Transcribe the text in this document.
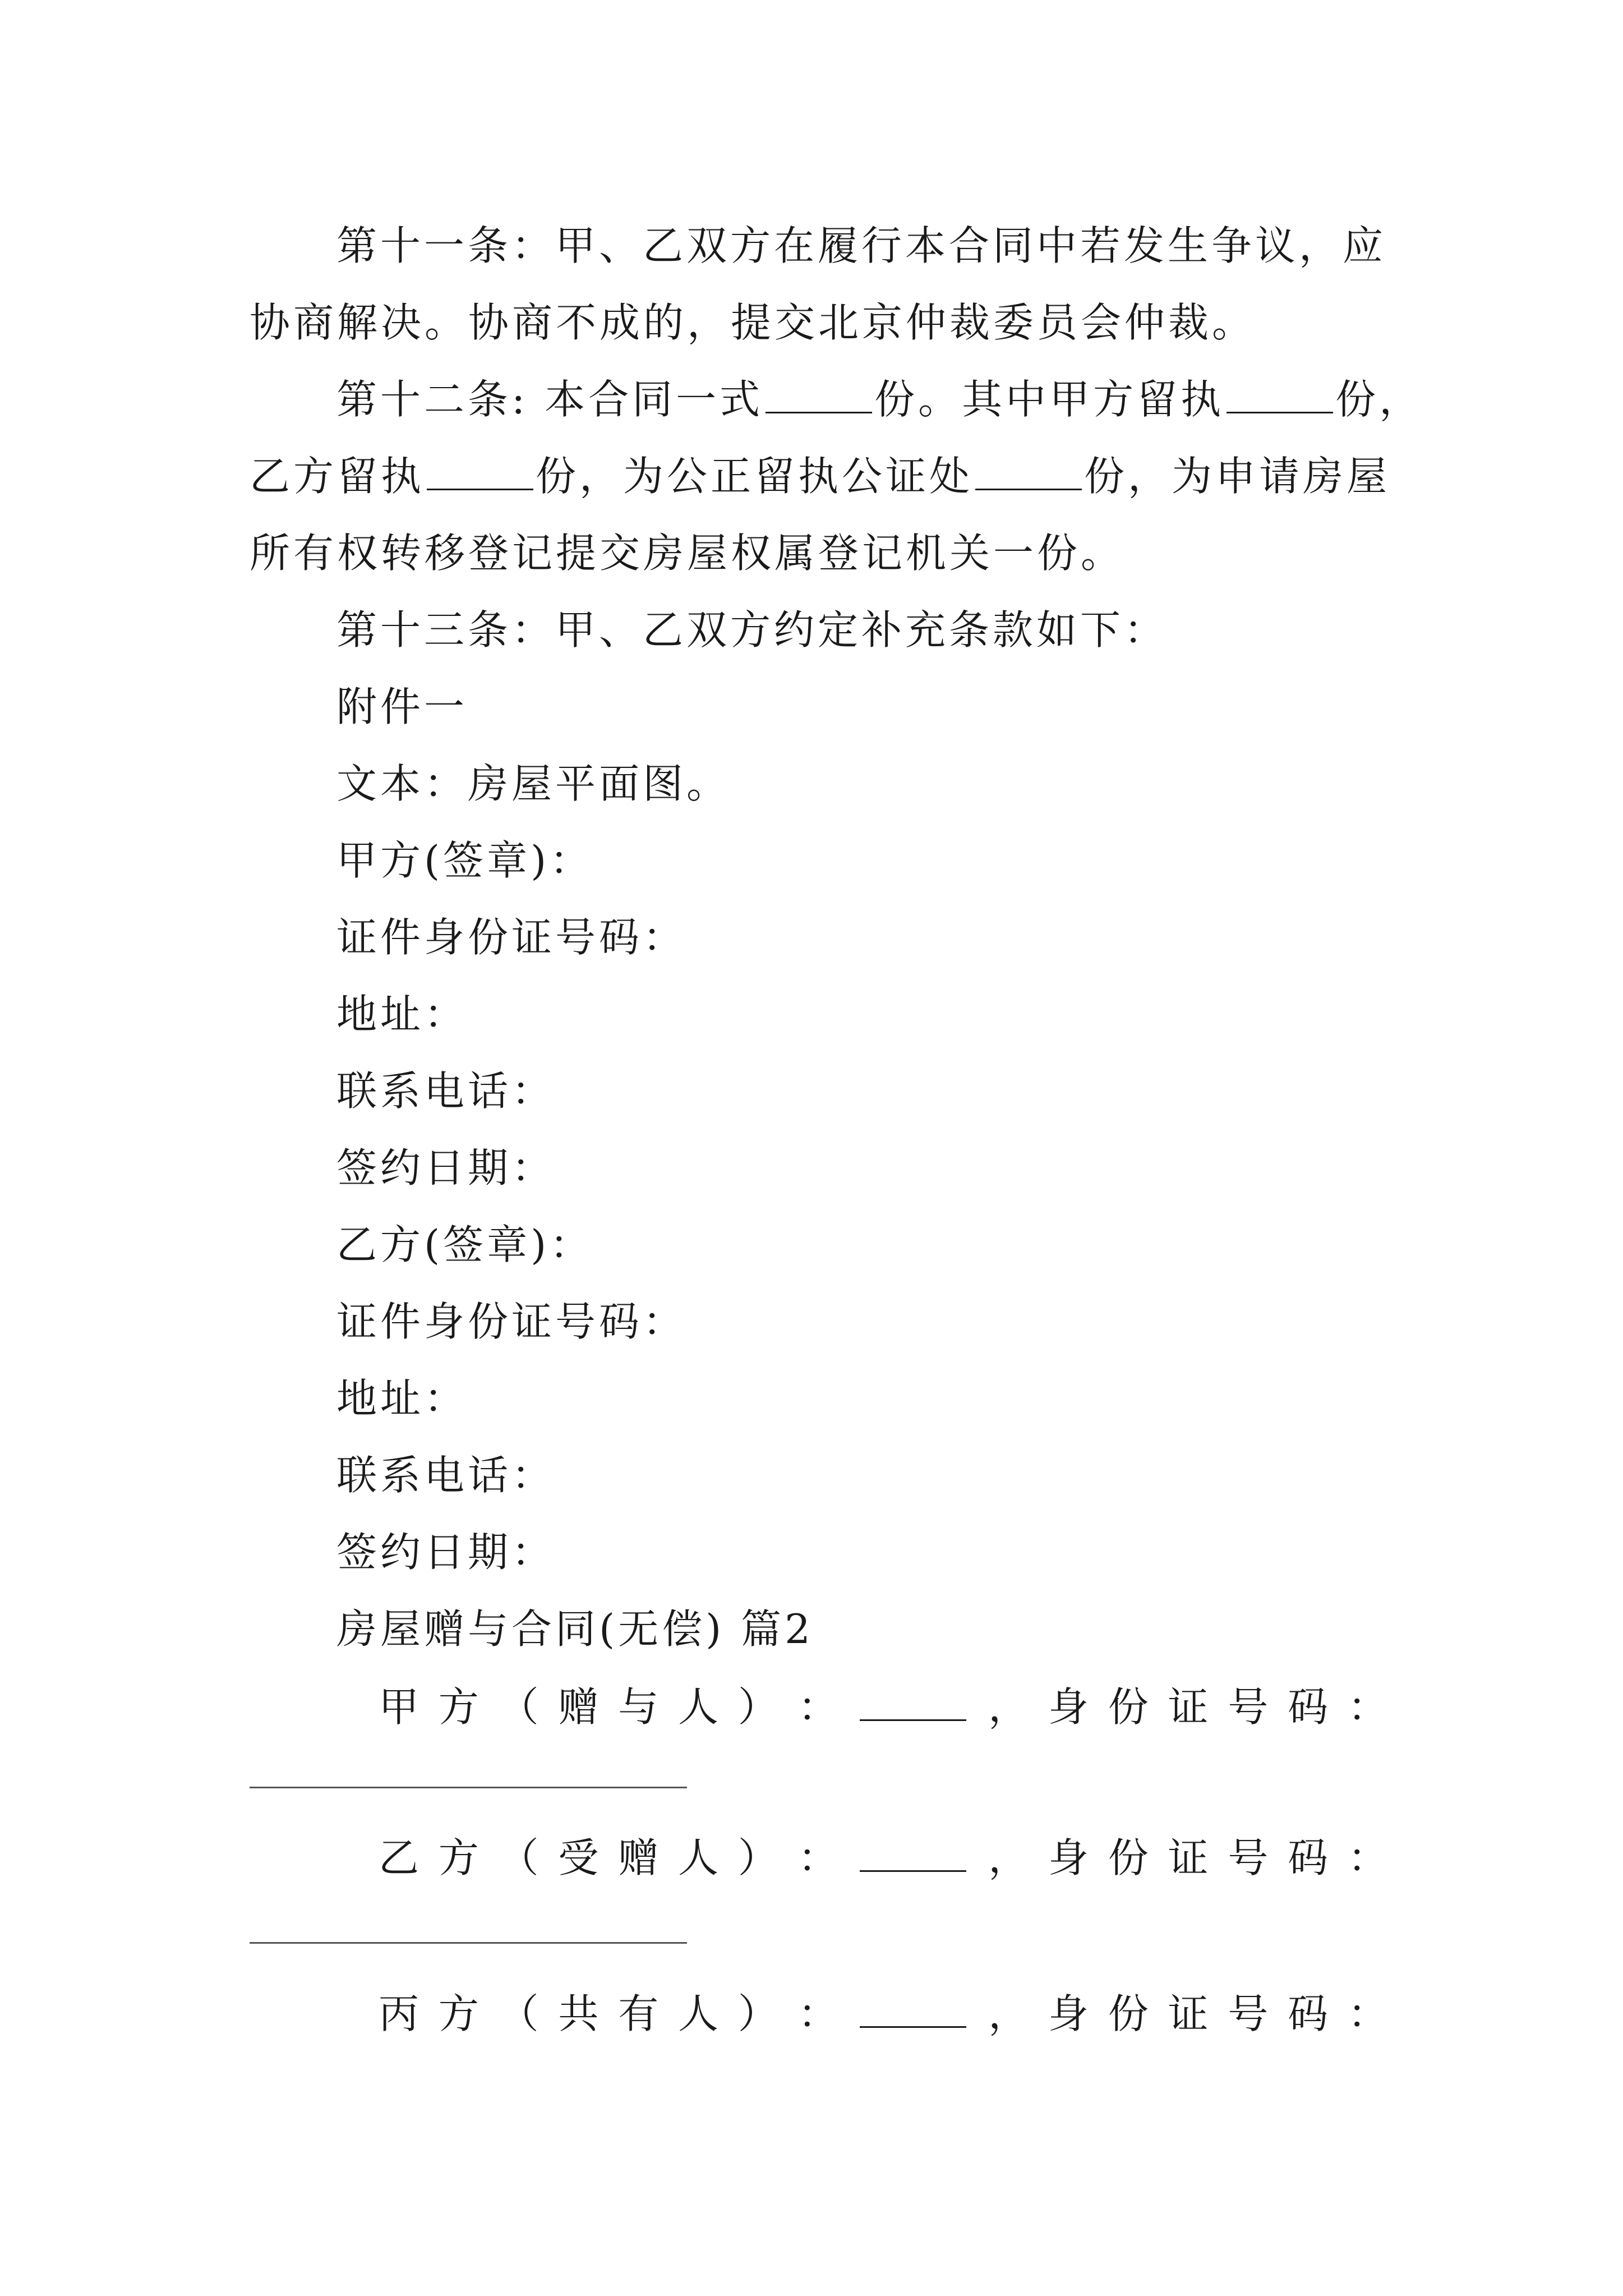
第十一条：甲、乙双方在履行本合同中若发生争议，应
协商解决。协商不成的，提交北京仲裁委员会仲裁。
第十二条: 本合同一式	份。其中甲方留执	份，
乙方留执	份，为公正留执公证处	份，为申请房屋
所有权转移登记提交房屋权属登记机关一份。
第十三条：甲、乙双方约定补充条款如下：
附件一
文本：房屋平面图。
甲方(签章)：
证件身份证号码：
地址：
联系电话：
签约日期：
乙方(签章)：
证件身份证号码：
地址：
联系电话：
签约日期：
房屋赠与合同(无偿) 篇2
甲 方 （ 赠 与 人 ） ：	， 身 份 证 号 码 ：
乙 方 （ 受 赠 人 ） ：	， 身 份 证 号 码 ：
丙 方 （ 共 有 人 ） ：	， 身 份 证 号 码 ：
